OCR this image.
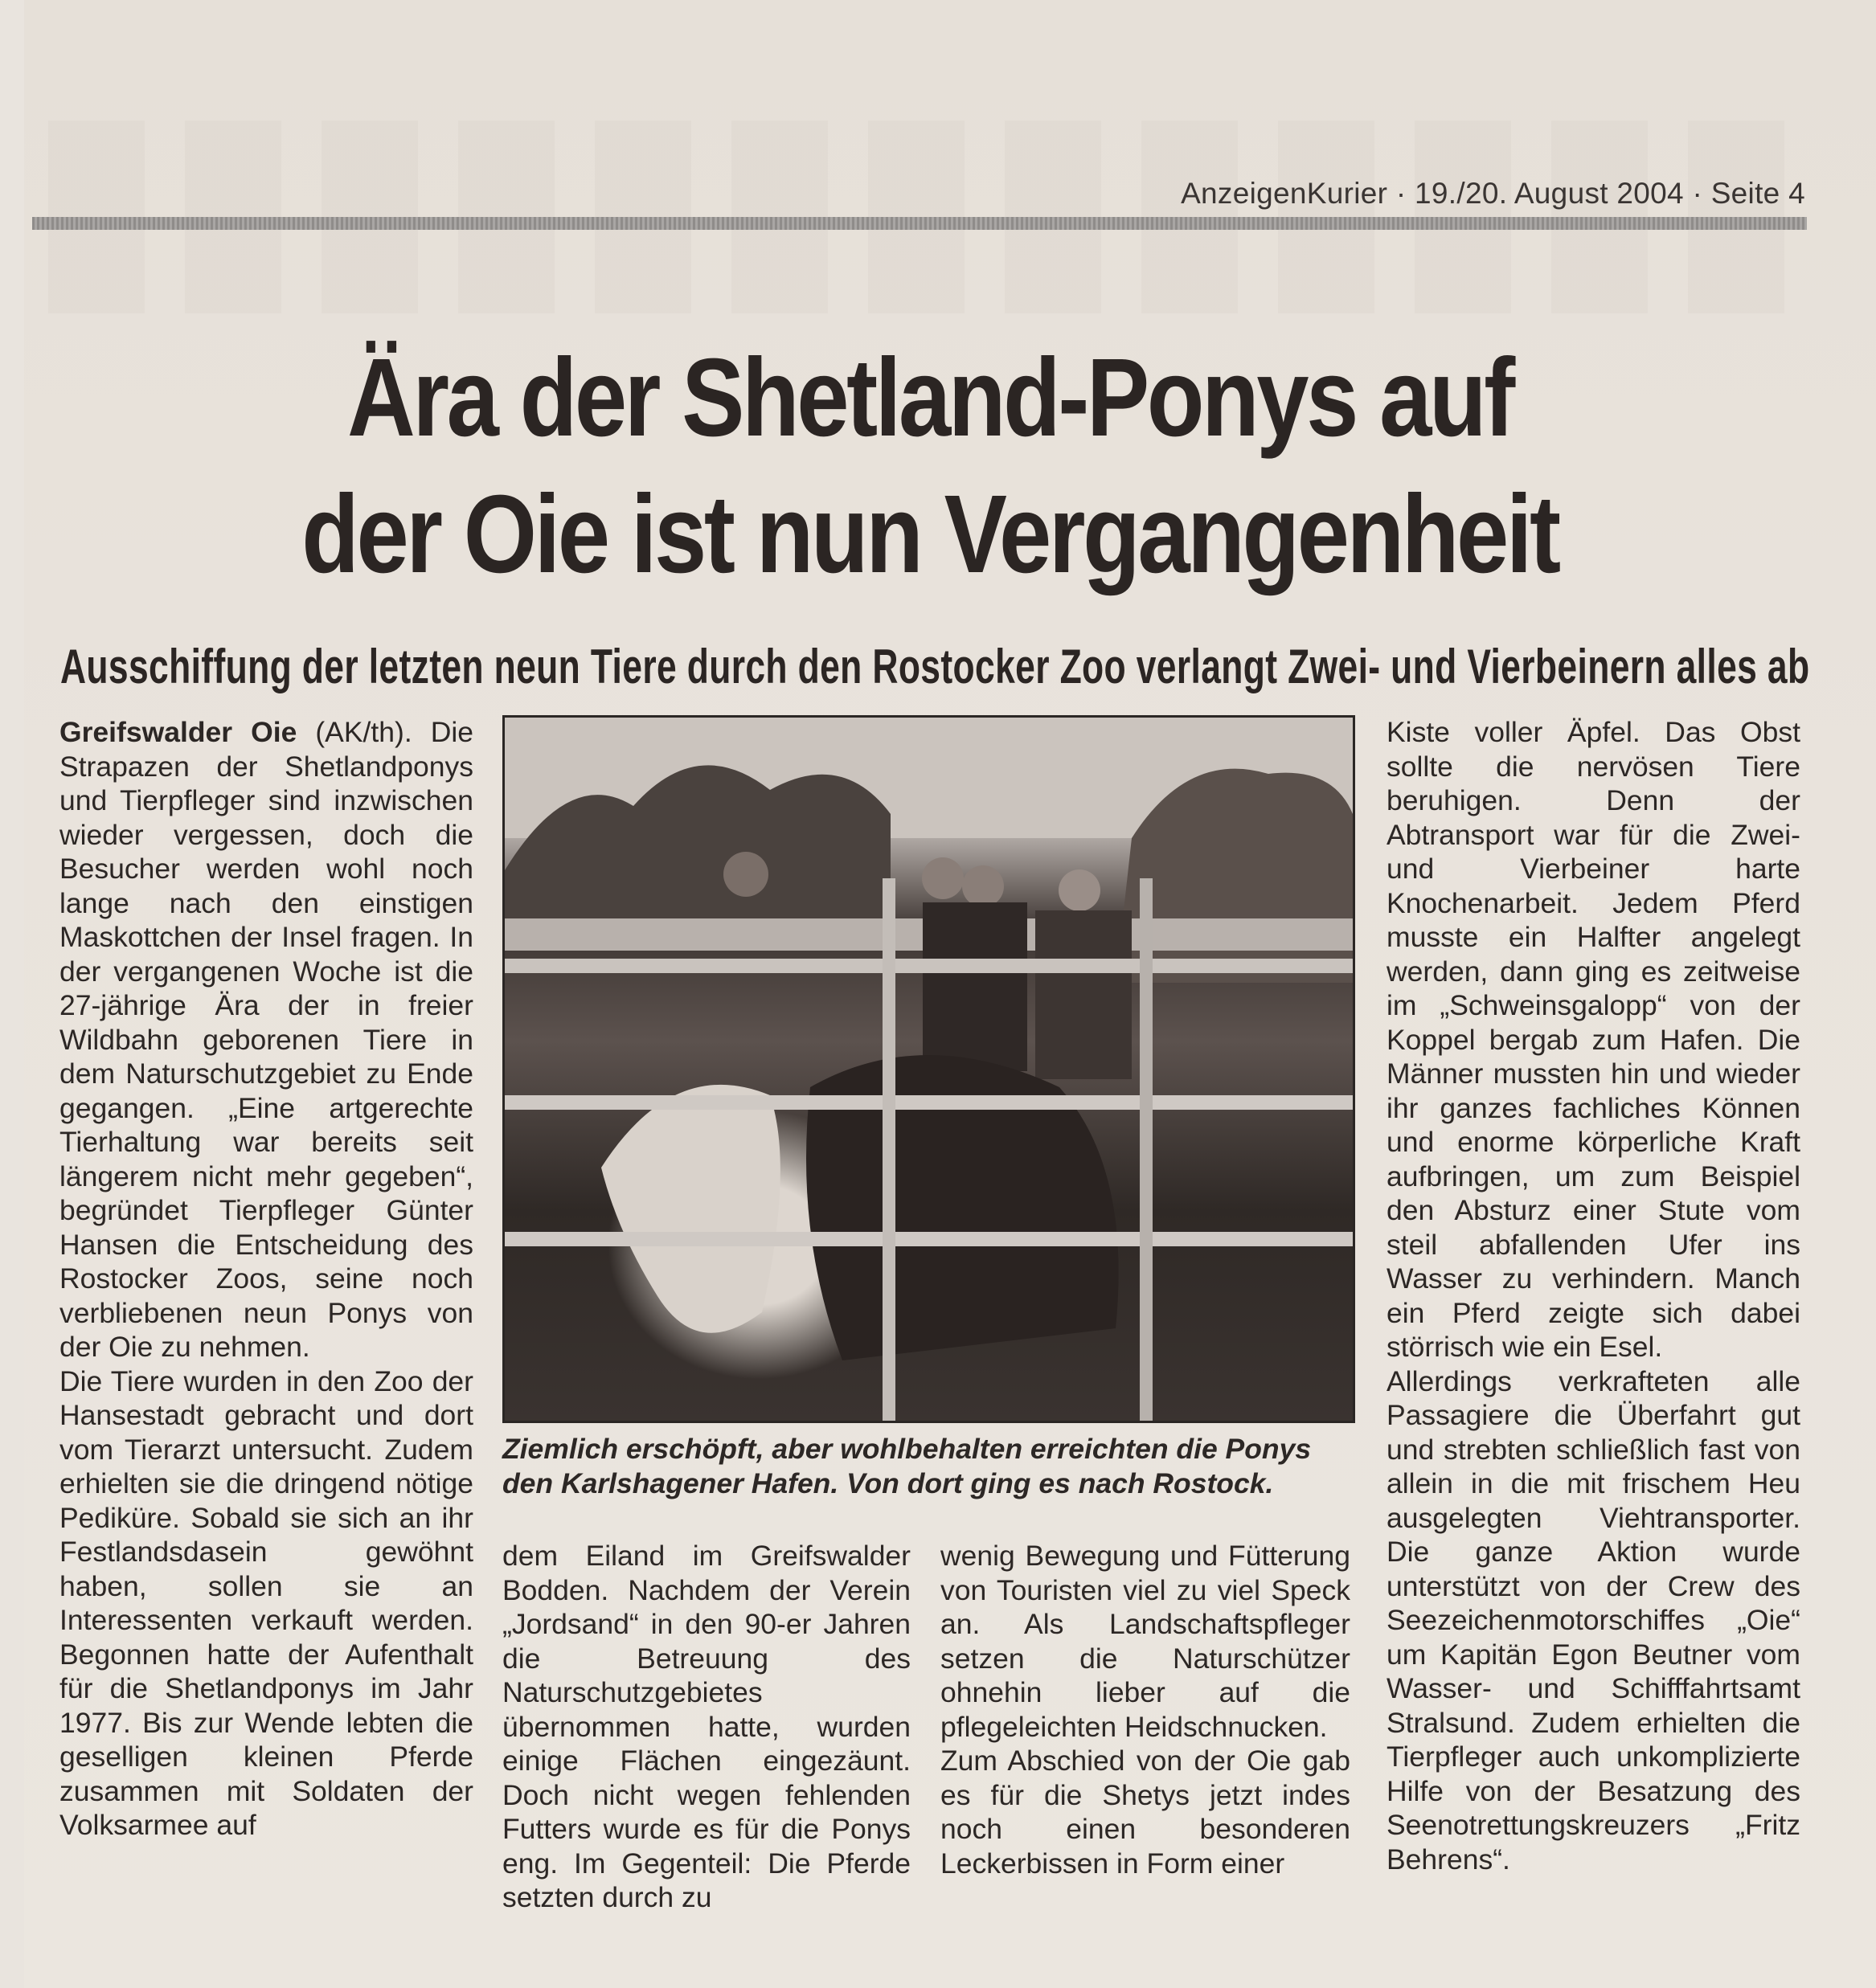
AnzeigenKurier · 19./20. August 2004 · Seite 4
Ära der Shetland-Ponys auf
der Oie ist nun Vergangenheit
Ausschiffung der letzten neun Tiere durch den Rostocker Zoo verlangt Zwei- und Vierbeinern alles ab

Greifswalder Oie (AK/th). Die Strapazen der Shetlandponys und Tierpfleger sind inzwischen wieder vergessen, doch die Besucher werden wohl noch lange nach den einstigen Maskottchen der Insel fragen. In der vergangenen Woche ist die 27-jährige Ära der in freier Wildbahn geborenen Tiere in dem Naturschutzgebiet zu Ende gegangen. „Eine artgerechte Tierhaltung war bereits seit längerem nicht mehr gegeben“, begründet Tierpfleger Günter Hansen die Entscheidung des Rostocker Zoos, seine noch verbliebenen neun Ponys von der Oie zu nehmen.

Die Tiere wurden in den Zoo der Hansestadt gebracht und dort vom Tierarzt untersucht. Zudem erhielten sie die dringend nötige Pediküre. Sobald sie sich an ihr Festlandsdasein gewöhnt haben, sollen sie an Interessenten verkauft werden. Begonnen hatte der Aufenthalt für die Shetlandponys im Jahr 1977. Bis zur Wende lebten die geselligen kleinen Pferde zusammen mit Soldaten der Volksarmee auf

Ziemlich erschöpft, aber wohlbehalten erreichten die Ponys den Karlshagener Hafen. Von dort ging es nach Rostock.

dem Eiland im Greifswalder Bodden. Nachdem der Verein „Jordsand“ in den 90-er Jahren die Betreuung des Naturschutzgebietes übernommen hatte, wurden einige Flächen eingezäunt. Doch nicht wegen fehlenden Futters wurde es für die Ponys eng. Im Gegenteil: Die Pferde setzten durch zu

wenig Bewegung und Fütterung von Touristen viel zu viel Speck an. Als Landschaftspfleger setzen die Naturschützer ohnehin lieber auf die pflegeleichten Heidschnucken.

Zum Abschied von der Oie gab es für die Shetys jetzt indes noch einen besonderen Leckerbissen in Form einer

Kiste voller Äpfel. Das Obst sollte die nervösen Tiere beruhigen. Denn der Abtransport war für die Zwei- und Vierbeiner harte Knochenarbeit. Jedem Pferd musste ein Halfter angelegt werden, dann ging es zeitweise im „Schweinsgalopp“ von der Koppel bergab zum Hafen. Die Männer mussten hin und wieder ihr ganzes fachliches Können und enorme körperliche Kraft aufbringen, um zum Beispiel den Absturz einer Stute vom steil abfallenden Ufer ins Wasser zu verhindern. Manch ein Pferd zeigte sich dabei störrisch wie ein Esel.

Allerdings verkrafteten alle Passagiere die Überfahrt gut und strebten schließlich fast von allein in die mit frischem Heu ausgelegten Viehtransporter. Die ganze Aktion wurde unterstützt von der Crew des Seezeichenmotorschiffes „Oie“ um Kapitän Egon Beutner vom Wasser- und Schifffahrtsamt Stralsund. Zudem erhielten die Tierpfleger auch unkomplizierte Hilfe von der Besatzung des Seenotrettungskreuzers „Fritz Behrens“.
